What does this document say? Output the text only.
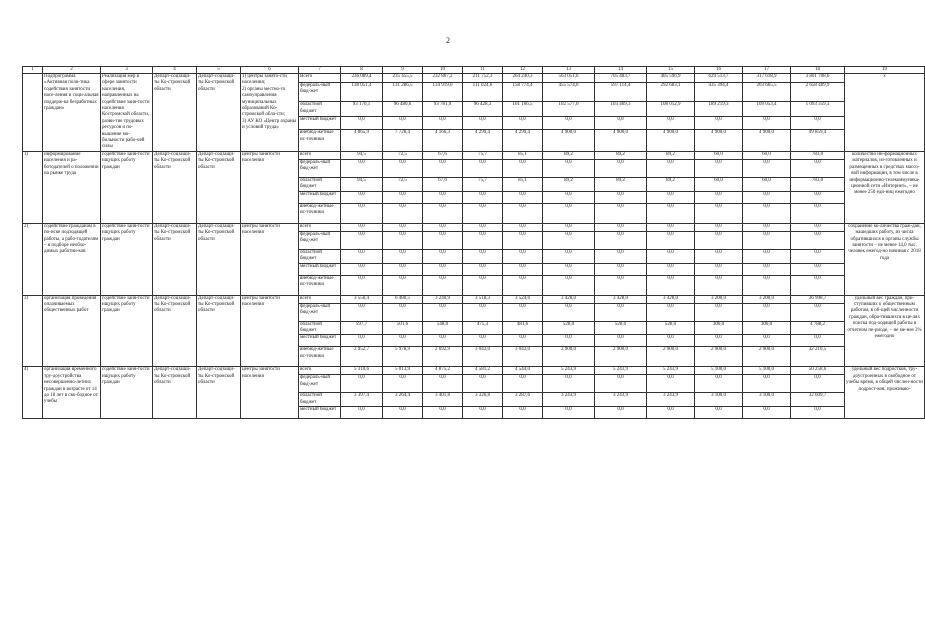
2
1	2	3	4	5	6	7	8	9	10	11	12	13	14	15	16	17	18	19
	Подпрограмма «Активная поли-тика содействия занятости насе-ления и соци-альная поддерж-ка безработных граждан»	Реализация мер в сфере занятости населения, направленных на содействие заня-тости населения Костромской области, разви-тие трудовых ресурсов и по-вышение мо-бильности рабо-чей силы	Департ-соцзащи-ты Ко-стромской области	Департ-соцзащи-ты Ко-стромской области	1) центры занято-сти населения;
2) органы местно-го самоуправления муниципальных образований Ко-стромской обла-сти;
3) АУ КО «Центр охраны и условий труда»	Всего	236 089,4	235 455,5	232 867,2	211 752,3	264 240,3	563 051,6	705 483,7	405 596,9	629 513,7	317 618,9	3 801 708,6	х
						федераль-ный бюд-жет	138 051,4	131 286,5	134 919,0	111 024,6	158 774,4	455 574,6	597 114,4	292 683,1	435 394,4	203 665,5	2 658 489,9	
						областной бюджет	93 170,1	96 480,6	93 781,9	96 428,3	101 166,5	102 577,0	103 469,3	108 012,9	189 219,3	109 053,4	1 093 359,3	
						местный бюджет	0,0	0,0	0,0	0,0	0,0	0,0	0,0	0,0	0,0	0,0	0,0	
						внебюд-жетные ис-точники	4 865,9	7 728,4	4 166,3	4 299,4	4 299,4	4 900,0	4 900,0	4 900,0	4 900,0	4 900,0	49 859,4	
1)	информирование населения и ра-ботодателей о положении на рынке труда	содействие заня-тости ищущих работу граждан	Департ-соцзащи-ты Ко-стромской области	Департ-соцзащи-ты Ко-стромской области	центры занятости населения	всего	94,5	72,5	67,6	75,7	85,1	89,2	89,2	89,2	60,0	60,0	783,0	количество ин-формационных материалов, из-готовленных и размещенных в средствах массо-вой информации, в том числе в информационно-телекоммуника-ционной сети «Интернет», – не менее 250 еди-ниц ежегодно
						федераль-ный бюд-жет	0,0	0,0	0,0	0,0	0,0	0,0	0,0	0,0	0,0	0,0	0,0	
						областной бюджет	94,5	72,5	67,6	75,7	85,1	89,2	89,2	89,2	60,0	60,0	783,0	
						местный бюджет	0,0	0,0	0,0	0,0	0,0	0,0	0,0	0,0	0,0	0,0	0,0	
						внебюд-жетные ис-точники	0,0	0,0	0,0	0,0	0,0	0,0	0,0	0,0	0,0	0,0	0,0	
2)	содействие гражданам в по-иске подходящей работы, а рабо-тодателям – в подборе необхо-димых работни-ков	содействие заня-тости ищущих работу граждан	Департ-соцзащи-ты Ко-стромской области	Департ-соцзащи-ты Ко-стромской области	центры занятости населения	всего	0,0	0,0	0,0	0,0	0,0	0,0	0,0	0,0	0,0	0,0	0,0	сохранение ко-личества граж-дан, нашедших работу, из числа обратившихся в органы службы занятости – не менее 14,0 тыс. человек ежегод-но начиная с 2018 года
						федераль-ный бюд-жет	0,0	0,0	0,0	0,0	0,0	0,0	0,0	0,0	0,0	0,0	0,0	
						областной бюджет	0,0	0,0	0,0	0,0	0,0	0,0	0,0	0,0	0,0	0,0	0,0	
						местный бюджет	0,0	0,0	0,0	0,0	0,0	0,0	0,0	0,0	0,0	0,0	0,0	
						внебюд-жетные ис-точники	0,0	0,0	0,0	0,0	0,0	0,0	0,0	0,0	0,0	0,0	0,0	
3)	организация проведения оплачиваемых общественных работ	содействие заня-тости ищущих работу граждан	Департ-соцзащи-ты Ко-стромской области	Департ-соцзащи-ты Ко-стромской области	центры занятости населения	всего	3 550,4	6 480,5	3 240,9	3 518,3	3 524,6	3 428,0	3 428,0	3 428,0	3 200,0	3 200,0	36 998,7	удельный вес граждан, при-ступивших к общественным работам, в об-щей численности граждан, обра-тившихся в це-лях поиска под-ходящей работы в отчетном пе-риоде, – не ме-нее 3% ежегодно
						федераль-ный бюд-жет	0,0	0,0	0,0	0,0	0,0	0,0	0,0	0,0	0,0	0,0	0,0	
						областной бюджет	597,7	501,6	548,0	475,3	481,6	528,0	528,0	528,0	300,0	300,0	4 788,2	
						местный бюджет	0,0	0,0	0,0	0,0	0,0	0,0	0,0	0,0	0,0	0,0	0,0	
						внебюд-жетные ис-точники	2 952,7	5 978,9	2 692,9	3 043,0	3 043,0	2 900,0	2 900,0	2 900,0	2 900,0	2 900,0	32 210,5	
4)	организация временного тру-доустройства несовершенно-летних граждан в возрасте от 14 до 18 лет в сво-бодное от учебы	содействие заня-тости ищущих работу граждан	Департ-соцзащи-ты Ко-стромской области	Департ-соцзащи-ты Ко-стромской области	центры занятости населения	всего	5 310,6	5 013,9	4 875,2	4 581,2	4 544,0	5 243,9	5 243,9	5 243,9	5 100,0	5 100,0	50 258,6	удельный вес подростков, тру-доустроенных в свободное от учебы время, в общей числен-ности подрост-ков, проживаю-
						федераль-ный бюд-жет	0,0	0,0	0,0	0,0	0,0	0,0	0,0	0,0	0,0	0,0	0,0	
						областной бюджет	3 397,4	3 264,4	3 401,8	3 326,8	3 287,6	3 243,9	3 243,9	3 243,9	3 100,0	3 100,0	32 609,7	
						местный бюджет	0,0	0,0	0,0	0,0	0,0	0,0	0,0	0,0	0,0	0,0	0,0	
